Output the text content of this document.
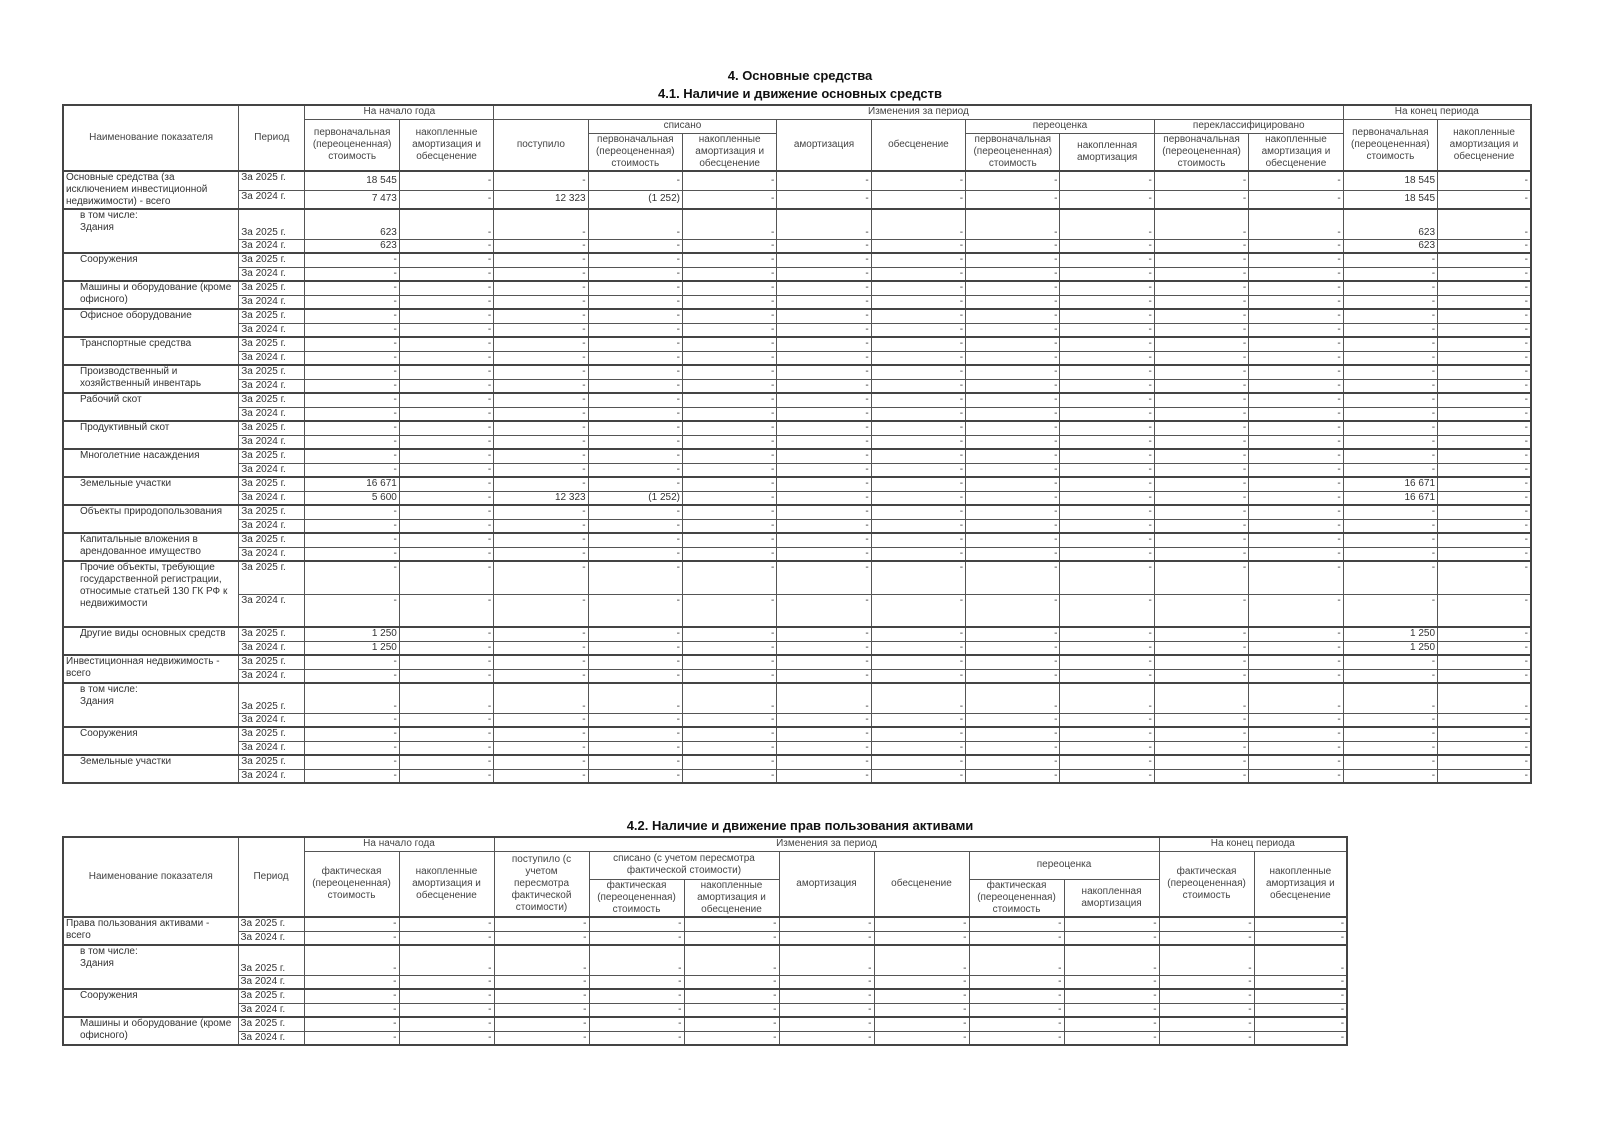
4. Основные средства
4.1. Наличие и движение основных средств
Наименование показателя	Период	На начало года		Изменения за период									На конец периода	
		первоначальная (переоцененная) стоимость	накопленные амортизация и обесценение	поступило	списано		амортизация	обесценение	переоценка		переклассифицировано		первоначальная (переоцененная) стоимость	накопленные амортизация и обесценение
					первоначальная (переоцененная) стоимость	накопленные амортизация и обесценение			первоначальная (переоцененная) стоимость	накопленная амортизация	первоначальная (переоцененная) стоимость	накопленные амортизация и обесценение		
Основные средства (за исключением инвестиционной недвижимости) - всего	За 2025 г.	18 545	-	-	-	-	-	-	-	-	-	-	18 545	-
	За 2024 г.	7 473	-	12 323	(1 252)	-	-	-	-	-	-	-	18 545	-
в том числе:
Здания	За 2025 г.	623	-	-	-	-	-	-	-	-	-	-	623	-
	За 2024 г.	623	-	-	-	-	-	-	-	-	-	-	623	-
Сооружения	За 2025 г.	-	-	-	-	-	-	-	-	-	-	-	-	-
	За 2024 г.	-	-	-	-	-	-	-	-	-	-	-	-	-
Машины и оборудование (кроме офисного)	За 2025 г.	-	-	-	-	-	-	-	-	-	-	-	-	-
	За 2024 г.	-	-	-	-	-	-	-	-	-	-	-	-	-
Офисное оборудование	За 2025 г.	-	-	-	-	-	-	-	-	-	-	-	-	-
	За 2024 г.	-	-	-	-	-	-	-	-	-	-	-	-	-
Транспортные средства	За 2025 г.	-	-	-	-	-	-	-	-	-	-	-	-	-
	За 2024 г.	-	-	-	-	-	-	-	-	-	-	-	-	-
Производственный и хозяйственный инвентарь	За 2025 г.	-	-	-	-	-	-	-	-	-	-	-	-	-
	За 2024 г.	-	-	-	-	-	-	-	-	-	-	-	-	-
Рабочий скот	За 2025 г.	-	-	-	-	-	-	-	-	-	-	-	-	-
	За 2024 г.	-	-	-	-	-	-	-	-	-	-	-	-	-
Продуктивный скот	За 2025 г.	-	-	-	-	-	-	-	-	-	-	-	-	-
	За 2024 г.	-	-	-	-	-	-	-	-	-	-	-	-	-
Многолетние насаждения	За 2025 г.	-	-	-	-	-	-	-	-	-	-	-	-	-
	За 2024 г.	-	-	-	-	-	-	-	-	-	-	-	-	-
Земельные участки	За 2025 г.	16 671	-	-	-	-	-	-	-	-	-	-	16 671	-
	За 2024 г.	5 600	-	12 323	(1 252)	-	-	-	-	-	-	-	16 671	-
Объекты природопользования	За 2025 г.	-	-	-	-	-	-	-	-	-	-	-	-	-
	За 2024 г.	-	-	-	-	-	-	-	-	-	-	-	-	-
Капитальные вложения в арендованное имущество	За 2025 г.	-	-	-	-	-	-	-	-	-	-	-	-	-
	За 2024 г.	-	-	-	-	-	-	-	-	-	-	-	-	-
Прочие объекты, требующие государственной регистрации, относимые статьей 130 ГК РФ к недвижимости	За 2025 г.	-	-	-	-	-	-	-	-	-	-	-	-	-
	За 2024 г.	-	-	-	-	-	-	-	-	-	-	-	-	-
Другие виды основных средств	За 2025 г.	1 250	-	-	-	-	-	-	-	-	-	-	1 250	-
	За 2024 г.	1 250	-	-	-	-	-	-	-	-	-	-	1 250	-
Инвестиционная недвижимость - всего	За 2025 г.	-	-	-	-	-	-	-	-	-	-	-	-	-
	За 2024 г.	-	-	-	-	-	-	-	-	-	-	-	-	-
в том числе:
Здания	За 2025 г.	-	-	-	-	-	-	-	-	-	-	-	-	-
	За 2024 г.	-	-	-	-	-	-	-	-	-	-	-	-	-
Сооружения	За 2025 г.	-	-	-	-	-	-	-	-	-	-	-	-	-
	За 2024 г.	-	-	-	-	-	-	-	-	-	-	-	-	-
Земельные участки	За 2025 г.	-	-	-	-	-	-	-	-	-	-	-	-	-
	За 2024 г.	-	-	-	-	-	-	-	-	-	-	-	-	-
4.2. Наличие и движение прав пользования активами
Наименование показателя	Период	На начало года		Изменения за период							На конец периода	
		фактическая (переоцененная) стоимость	накопленные амортизация и обесценение	поступило (с учетом пересмотра фактической стоимости)	списано (с учетом пересмотра фактической стоимости)		амортизация	обесценение	переоценка		фактическая (переоцененная) стоимость	накопленные амортизация и обесценение
					фактическая (переоцененная) стоимость	накопленные амортизация и обесценение			фактическая (переоцененная) стоимость	накопленная амортизация		
Права пользования активами - всего	За 2025 г.	-	-	-	-	-	-	-	-	-	-	-
	За 2024 г.	-	-	-	-	-	-	-	-	-	-	-
в том числе:
Здания	За 2025 г.	-	-	-	-	-	-	-	-	-	-	-
	За 2024 г.	-	-	-	-	-	-	-	-	-	-	-
Сооружения	За 2025 г.	-	-	-	-	-	-	-	-	-	-	-
	За 2024 г.	-	-	-	-	-	-	-	-	-	-	-
Машины и оборудование (кроме офисного)	За 2025 г.	-	-	-	-	-	-	-	-	-	-	-
	За 2024 г.	-	-	-	-	-	-	-	-	-	-	-
